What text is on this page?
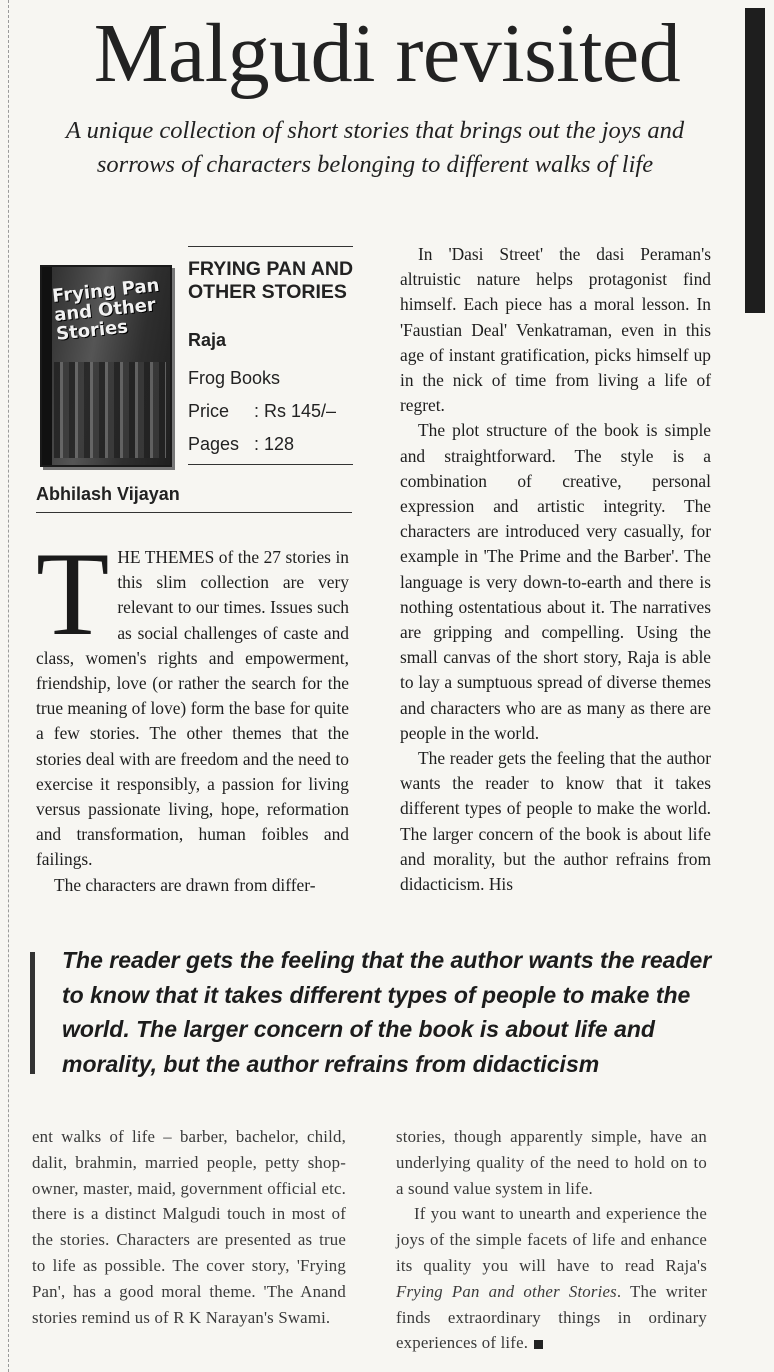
Malgudi revisited

A unique collection of short stories that brings out the joys and sorrows of characters belonging to different walks of life

Frying Pan and Other Stories
FRYING PAN AND OTHER STORIES
Raja
Frog Books
Price : Rs 145/–
Pages : 128
Abhilash Vijayan

THE THEMES of the 27 stories in this slim collection are very relevant to our times. Issues such as social challenges of caste and class, women's rights and empowerment, friendship, love (or rather the search for the true meaning of love) form the base for quite a few stories. The other themes that the stories deal with are freedom and the need to exercise it responsibly, a passion for living versus passionate living, hope, reformation and transformation, human foibles and failings.

The characters are drawn from differ-

In 'Dasi Street' the dasi Peraman's altruistic nature helps protagonist find himself. Each piece has a moral lesson. In 'Faustian Deal' Venkatraman, even in this age of instant gratification, picks himself up in the nick of time from living a life of regret.

The plot structure of the book is simple and straightforward. The style is a combination of creative, personal expression and artistic integrity. The characters are introduced very casually, for example in 'The Prime and the Barber'. The language is very down-to-earth and there is nothing ostentatious about it. The narratives are gripping and compelling. Using the small canvas of the short story, Raja is able to lay a sumptuous spread of diverse themes and characters who are as many as there are people in the world.

The reader gets the feeling that the author wants the reader to know that it takes different types of people to make the world. The larger concern of the book is about life and morality, but the author refrains from didacticism. His

The reader gets the feeling that the author wants the reader to know that it takes different types of people to make the world. The larger concern of the book is about life and morality, but the author refrains from didacticism

ent walks of life – barber, bachelor, child, dalit, brahmin, married people, petty shop-owner, master, maid, government official etc. there is a distinct Malgudi touch in most of the stories. Characters are presented as true to life as possible. The cover story, 'Frying Pan', has a good moral theme. 'The Anand stories remind us of R K Narayan's Swami.

stories, though apparently simple, have an underlying quality of the need to hold on to a sound value system in life.

If you want to unearth and experience the joys of the simple facets of life and enhance its quality you will have to read Raja's Frying Pan and other Stories. The writer finds extraordinary things in ordinary experiences of life.
